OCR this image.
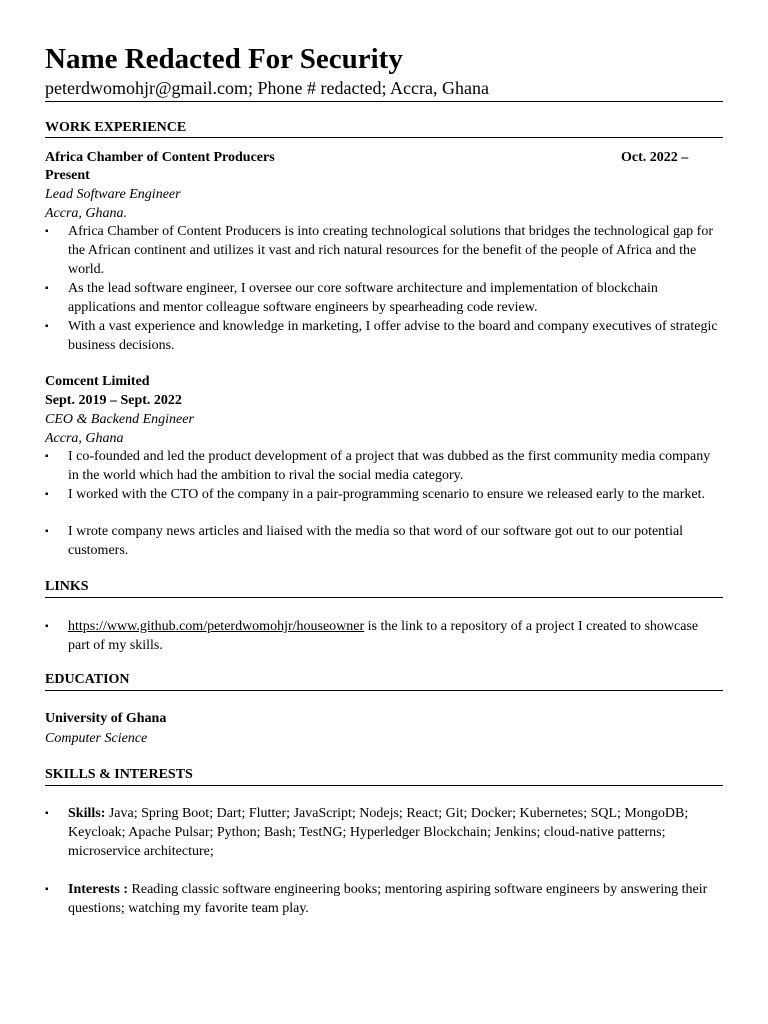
Name Redacted For Security
peterdwomohjr@gmail.com; Phone # redacted; Accra, Ghana
WORK EXPERIENCE
Africa Chamber of Content Producers	Oct. 2022 –
Present
Lead Software Engineer
Accra, Ghana.
▪	Africa Chamber of Content Producers is into creating technological solutions that bridges the technological gap for the African continent and utilizes it vast and rich natural resources for the benefit of the people of Africa and the world.
▪	As the lead software engineer, I oversee our core software architecture and implementation of blockchain applications and mentor colleague software engineers by spearheading code review.
▪	With a vast experience and knowledge in marketing, I offer advise to the board and company executives of strategic business decisions.
Comcent Limited
Sept. 2019 – Sept. 2022
CEO & Backend Engineer
Accra, Ghana
▪	I co-founded and led the product development of a project that was dubbed as the first community media company in the world which had the ambition to rival the social media category.
▪	I worked with the CTO of the company in a pair-programming scenario to ensure we released early to the market.
▪	I wrote company news articles and liaised with the media so that word of our software got out to our potential customers.
LINKS
▪	https://www.github.com/peterdwomohjr/houseowner is the link to a repository of a project I created to showcase part of my skills.
EDUCATION
University of Ghana
Computer Science
SKILLS & INTERESTS
▪	Skills: Java; Spring Boot; Dart; Flutter; JavaScript; Nodejs; React; Git; Docker; Kubernetes; SQL; MongoDB; Keycloak; Apache Pulsar; Python; Bash; TestNG; Hyperledger Blockchain; Jenkins; cloud-native patterns; microservice architecture;
▪	Interests : Reading classic software engineering books; mentoring aspiring software engineers by answering their questions; watching my favorite team play.
